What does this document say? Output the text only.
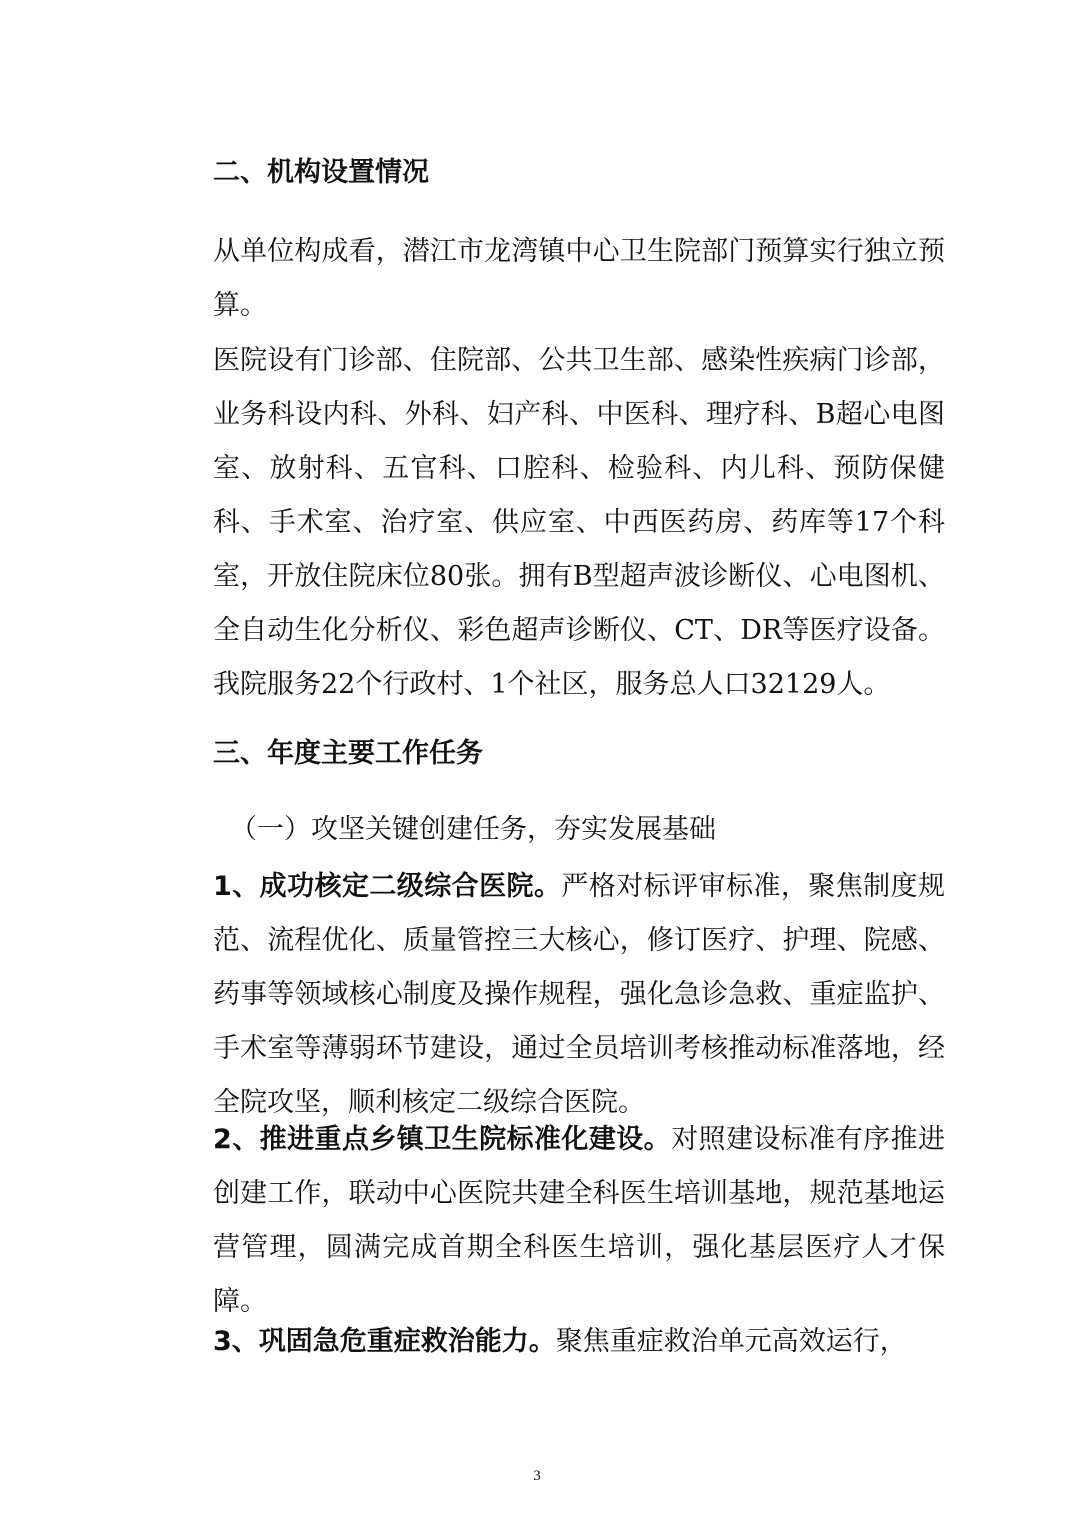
二、机构设置情况

从单位构成看，潜江市龙湾镇中心卫生院部门预算实行独立预算。

医院设有门诊部、住院部、公共卫生部、感染性疾病门诊部，业务科设内科、外科、妇产科、中医科、理疗科、B超心电图室、放射科、五官科、口腔科、检验科、内儿科、预防保健科、手术室、治疗室、供应室、中西医药房、药库等17个科室，开放住院床位80张。拥有B型超声波诊断仪、心电图机、全自动生化分析仪、彩色超声诊断仪、CT、DR等医疗设备。我院服务22个行政村、1个社区，服务总人口32129人。

三、年度主要工作任务

（一）攻坚关键创建任务，夯实发展基础

1、成功核定二级综合医院。严格对标评审标准，聚焦制度规范、流程优化、质量管控三大核心，修订医疗、护理、院感、药事等领域核心制度及操作规程，强化急诊急救、重症监护、手术室等薄弱环节建设，通过全员培训考核推动标准落地，经全院攻坚，顺利核定二级综合医院。

2、推进重点乡镇卫生院标准化建设。对照建设标准有序推进创建工作，联动中心医院共建全科医生培训基地，规范基地运营管理，圆满完成首期全科医生培训，强化基层医疗人才保障。

3、巩固急危重症救治能力。聚焦重症救治单元高效运行，

3
